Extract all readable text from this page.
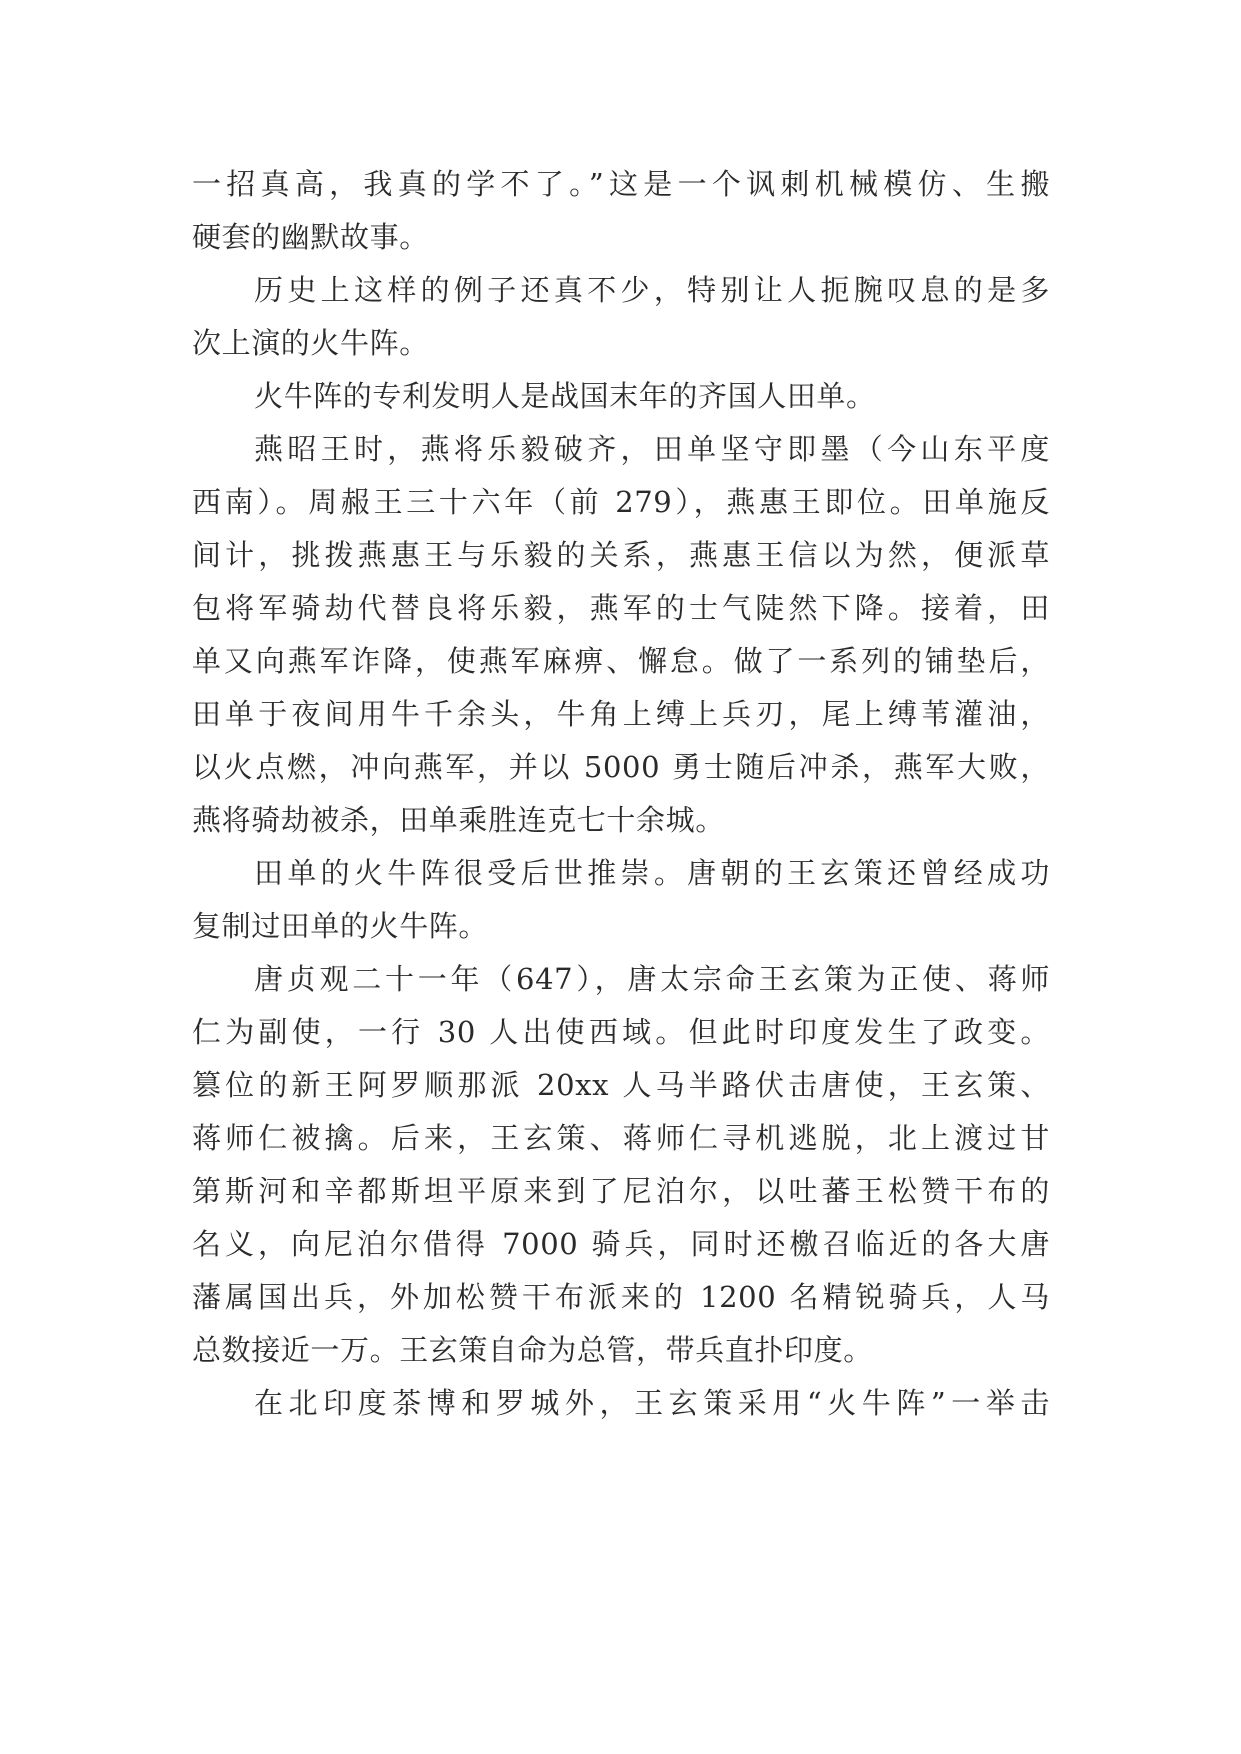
一招真高，我真的学不了。”这是一个讽刺机械模仿、生搬
硬套的幽默故事。
历史上这样的例子还真不少，特别让人扼腕叹息的是多
次上演的火牛阵。
火牛阵的专利发明人是战国末年的齐国人田单。
燕昭王时，燕将乐毅破齐，田单坚守即墨（今山东平度
西南）。周赧王三十六年（前 279），燕惠王即位。田单施反
间计，挑拨燕惠王与乐毅的关系，燕惠王信以为然，便派草
包将军骑劫代替良将乐毅，燕军的士气陡然下降。接着，田
单又向燕军诈降，使燕军麻痹、懈怠。做了一系列的铺垫后，
田单于夜间用牛千余头，牛角上缚上兵刃，尾上缚苇灌油，
以火点燃，冲向燕军，并以 5000 勇士随后冲杀，燕军大败，
燕将骑劫被杀，田单乘胜连克七十余城。
田单的火牛阵很受后世推崇。唐朝的王玄策还曾经成功
复制过田单的火牛阵。
唐贞观二十一年（647），唐太宗命王玄策为正使、蒋师
仁为副使，一行 30 人出使西域。但此时印度发生了政变。
篡位的新王阿罗顺那派 20xx 人马半路伏击唐使，王玄策、
蒋师仁被擒。后来，王玄策、蒋师仁寻机逃脱，北上渡过甘
第斯河和辛都斯坦平原来到了尼泊尔，以吐蕃王松赞干布的
名义，向尼泊尔借得 7000 骑兵，同时还檄召临近的各大唐
藩属国出兵，外加松赞干布派来的 1200 名精锐骑兵，人马
总数接近一万。王玄策自命为总管，带兵直扑印度。
在北印度茶博和罗城外，王玄策采用“火牛阵”一举击
